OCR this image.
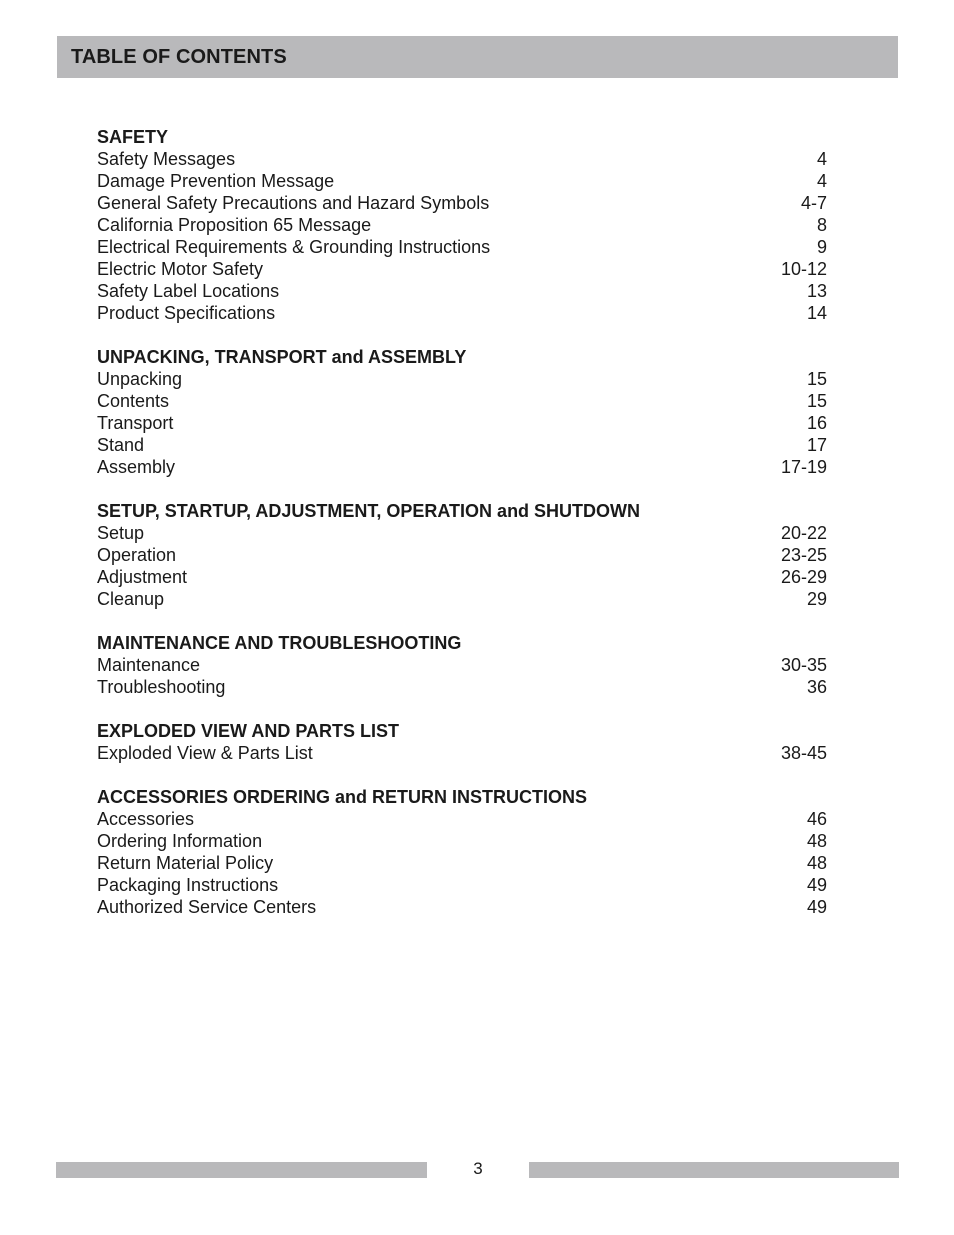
TABLE OF CONTENTS
SAFETY
Safety Messages	4
Damage Prevention Message	4
General Safety Precautions and Hazard Symbols	4-7
California Proposition 65 Message	8
Electrical Requirements & Grounding Instructions	9
Electric Motor Safety	10-12
Safety Label Locations	13
Product Specifications	14
UNPACKING, TRANSPORT and ASSEMBLY
Unpacking	15
Contents	15
Transport	16
Stand	17
Assembly	17-19
SETUP, STARTUP, ADJUSTMENT, OPERATION and SHUTDOWN
Setup	20-22
Operation	23-25
Adjustment	26-29
Cleanup	29
MAINTENANCE AND TROUBLESHOOTING
Maintenance	30-35
Troubleshooting	36
EXPLODED VIEW AND PARTS LIST
Exploded View & Parts List	38-45
ACCESSORIES ORDERING and RETURN INSTRUCTIONS
Accessories	46
Ordering Information	48
Return Material Policy	48
Packaging Instructions	49
Authorized Service Centers	49
3
